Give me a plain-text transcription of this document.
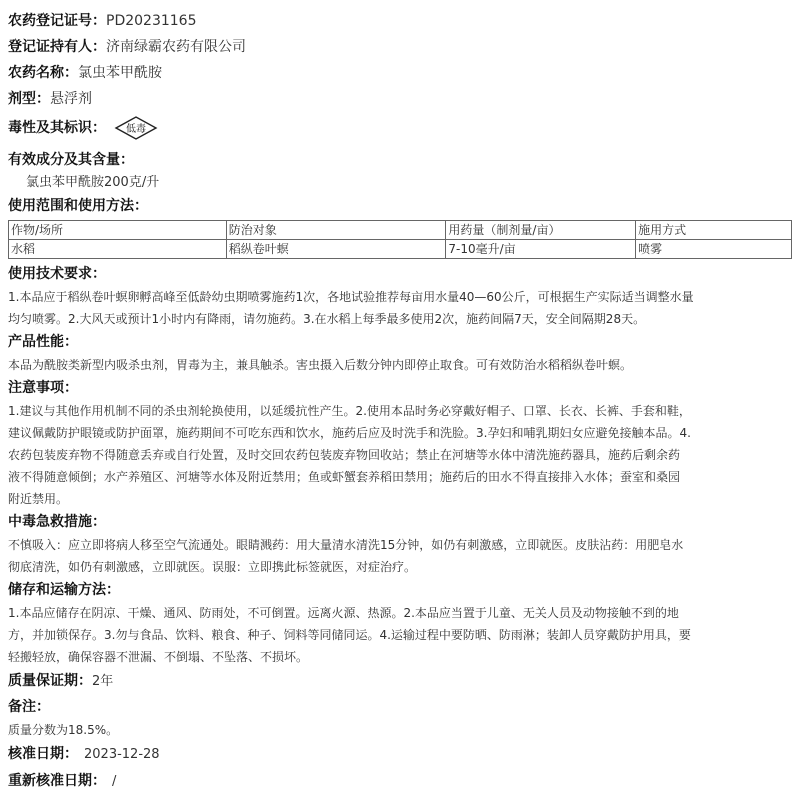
农药登记证号：PD20231165
登记证持有人：济南绿霸农药有限公司
农药名称：氯虫苯甲酰胺
剂型：悬浮剂
毒性及其标识： 低毒
有效成分及其含量：
氯虫苯甲酰胺200克/升
使用范围和使用方法：
作物/场所	防治对象	用药量（制剂量/亩）	施用方式
水稻	稻纵卷叶螟	7-10毫升/亩	喷雾
使用技术要求：
1.本品应于稻纵卷叶螟卵孵高峰至低龄幼虫期喷雾施药1次，各地试验推荐每亩用水量40—60公斤，可根据生产实际适当调整水量
均匀喷雾。2.大风天或预计1小时内有降雨，请勿施药。3.在水稻上每季最多使用2次，施药间隔7天，安全间隔期28天。
产品性能：
本品为酰胺类新型内吸杀虫剂，胃毒为主，兼具触杀。害虫摄入后数分钟内即停止取食。可有效防治水稻稻纵卷叶螟。
注意事项：
1.建议与其他作用机制不同的杀虫剂轮换使用，以延缓抗性产生。2.使用本品时务必穿戴好帽子、口罩、长衣、长裤、手套和鞋，
建议佩戴防护眼镜或防护面罩，施药期间不可吃东西和饮水，施药后应及时洗手和洗脸。3.孕妇和哺乳期妇女应避免接触本品。4.
农药包装废弃物不得随意丢弃或自行处置，及时交回农药包装废弃物回收站；禁止在河塘等水体中清洗施药器具，施药后剩余药
液不得随意倾倒；水产养殖区、河塘等水体及附近禁用；鱼或虾蟹套养稻田禁用；施药后的田水不得直接排入水体；蚕室和桑园
附近禁用。
中毒急救措施：
不慎吸入：应立即将病人移至空气流通处。眼睛溅药：用大量清水清洗15分钟，如仍有刺激感，立即就医。皮肤沾药：用肥皂水
彻底清洗，如仍有刺激感，立即就医。误服：立即携此标签就医，对症治疗。
储存和运输方法：
1.本品应储存在阴凉、干燥、通风、防雨处，不可倒置。远离火源、热源。2.本品应当置于儿童、无关人员及动物接触不到的地
方，并加锁保存。3.勿与食品、饮料、粮食、种子、饲料等同储同运。4.运输过程中要防晒、防雨淋；装卸人员穿戴防护用具，要
轻搬轻放，确保容器不泄漏、不倒塌、不坠落、不损坏。
质量保证期：2年
备注：
质量分数为18.5%。
核准日期： 2023-12-28
重新核准日期： /
